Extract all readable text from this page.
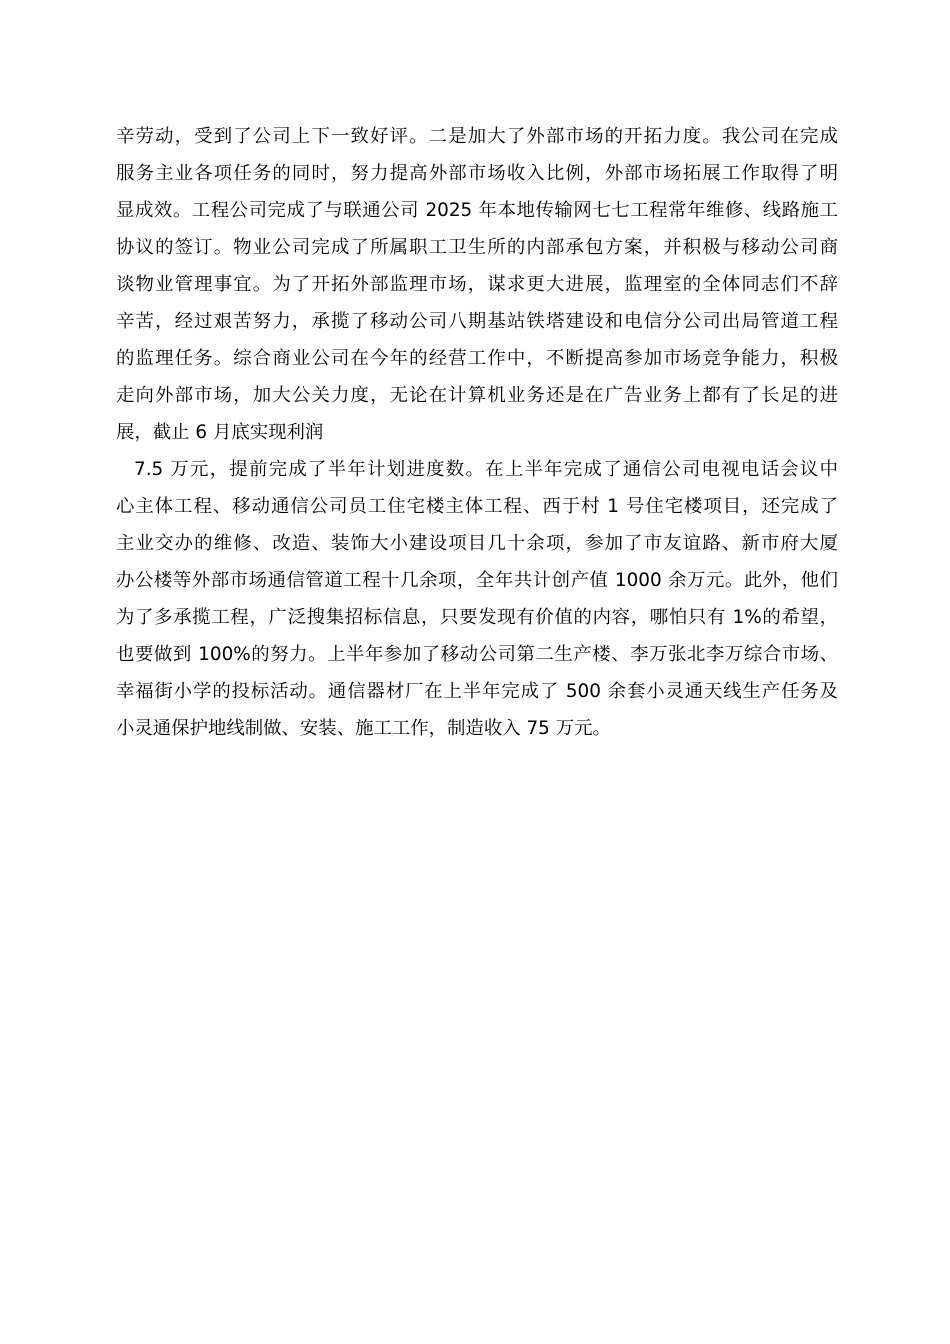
辛劳动，受到了公司上下一致好评。二是加大了外部市场的开拓力度。我公司在完成
服务主业各项任务的同时，努力提高外部市场收入比例，外部市场拓展工作取得了明
显成效。工程公司完成了与联通公司 2025 年本地传输网七七工程常年维修、线路施工
协议的签订。物业公司完成了所属职工卫生所的内部承包方案，并积极与移动公司商
谈物业管理事宜。为了开拓外部监理市场，谋求更大进展，监理室的全体同志们不辞
辛苦，经过艰苦努力，承揽了移动公司八期基站铁塔建设和电信分公司出局管道工程
的监理任务。综合商业公司在今年的经营工作中，不断提高参加市场竞争能力，积极
走向外部市场，加大公关力度，无论在计算机业务还是在广告业务上都有了长足的进
展，截止 6 月底实现利润
7.5 万元，提前完成了半年计划进度数。在上半年完成了通信公司电视电话会议中
心主体工程、移动通信公司员工住宅楼主体工程、西于村 1 号住宅楼项目，还完成了
主业交办的维修、改造、装饰大小建设项目几十余项，参加了市友谊路、新市府大厦
办公楼等外部市场通信管道工程十几余项，全年共计创产值 1000 余万元。此外，他们
为了多承揽工程，广泛搜集招标信息，只要发现有价值的内容，哪怕只有 1%的希望，
也要做到 100%的努力。上半年参加了移动公司第二生产楼、李万张北李万综合市场、
幸福街小学的投标活动。通信器材厂在上半年完成了 500 余套小灵通天线生产任务及
小灵通保护地线制做、安装、施工工作，制造收入 75 万元。
